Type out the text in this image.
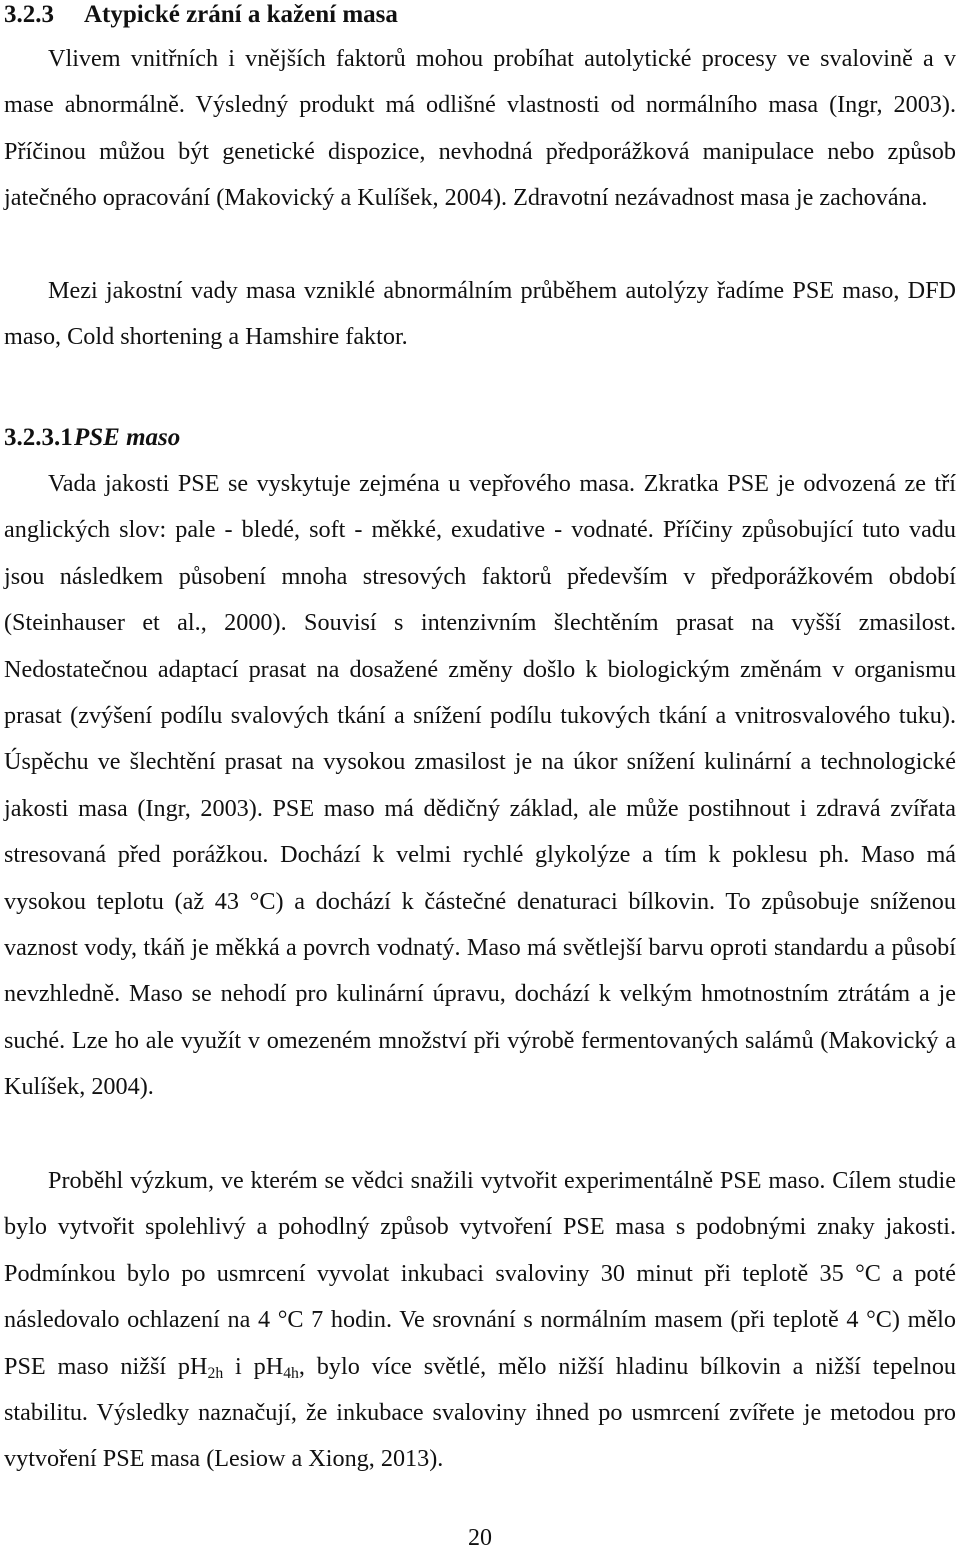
3.2.3 Atypické zrání a kažení masa

Vlivem vnitřních i vnějších faktorů mohou probíhat autolytické procesy ve svalovině a v mase abnormálně. Výsledný produkt má odlišné vlastnosti od normálního masa (Ingr, 2003). Příčinou můžou být genetické dispozice, nevhodná předporážková manipulace nebo způsob jatečného opracování (Makovický a Kulíšek, 2004). Zdravotní nezávadnost masa je zachována.

Mezi jakostní vady masa vzniklé abnormálním průběhem autolýzy řadíme PSE maso, DFD maso, Cold shortening a Hamshire faktor.

3.2.3.1PSE maso

Vada jakosti PSE se vyskytuje zejména u vepřového masa. Zkratka PSE je odvozená ze tří anglických slov: pale - bledé, soft - měkké, exudative - vodnaté. Příčiny způsobující tuto vadu jsou následkem působení mnoha stresových faktorů především v předporážkovém období (Steinhauser et al., 2000). Souvisí s intenzivním šlechtěním prasat na vyšší zmasilost. Nedostatečnou adaptací prasat na dosažené změny došlo k biologickým změnám v organismu prasat (zvýšení podílu svalových tkání a snížení podílu tukových tkání a vnitrosvalového tuku). Úspěchu ve šlechtění prasat na vysokou zmasilost je na úkor snížení kulinární a technologické jakosti masa (Ingr, 2003). PSE maso má dědičný základ, ale může postihnout i zdravá zvířata stresovaná před porážkou. Dochází k velmi rychlé glykolýze a tím k poklesu ph. Maso má vysokou teplotu (až 43 °C) a dochází k částečné denaturaci bílkovin. To způsobuje sníženou vaznost vody, tkáň je měkká a povrch vodnatý. Maso má světlejší barvu oproti standardu a působí nevzhledně. Maso se nehodí pro kulinární úpravu, dochází k velkým hmotnostním ztrátám a je suché. Lze ho ale využít v omezeném množství při výrobě fermentovaných salámů (Makovický a Kulíšek, 2004).

Proběhl výzkum, ve kterém se vědci snažili vytvořit experimentálně PSE maso. Cílem studie bylo vytvořit spolehlivý a pohodlný způsob vytvoření PSE masa s podobnými znaky jakosti. Podmínkou bylo po usmrcení vyvolat inkubaci svaloviny 30 minut při teplotě 35 °C a poté následovalo ochlazení na 4 °C 7 hodin. Ve srovnání s normálním masem (při teplotě 4 °C) mělo PSE maso nižší $pH_{2h}$ i $pH_{4h}$, bylo více světlé, mělo nižší hladinu bílkovin a nižší tepelnou stabilitu. Výsledky naznačují, že inkubace svaloviny ihned po usmrcení zvířete je metodou pro vytvoření PSE masa (Lesiow a Xiong, 2013).

20
